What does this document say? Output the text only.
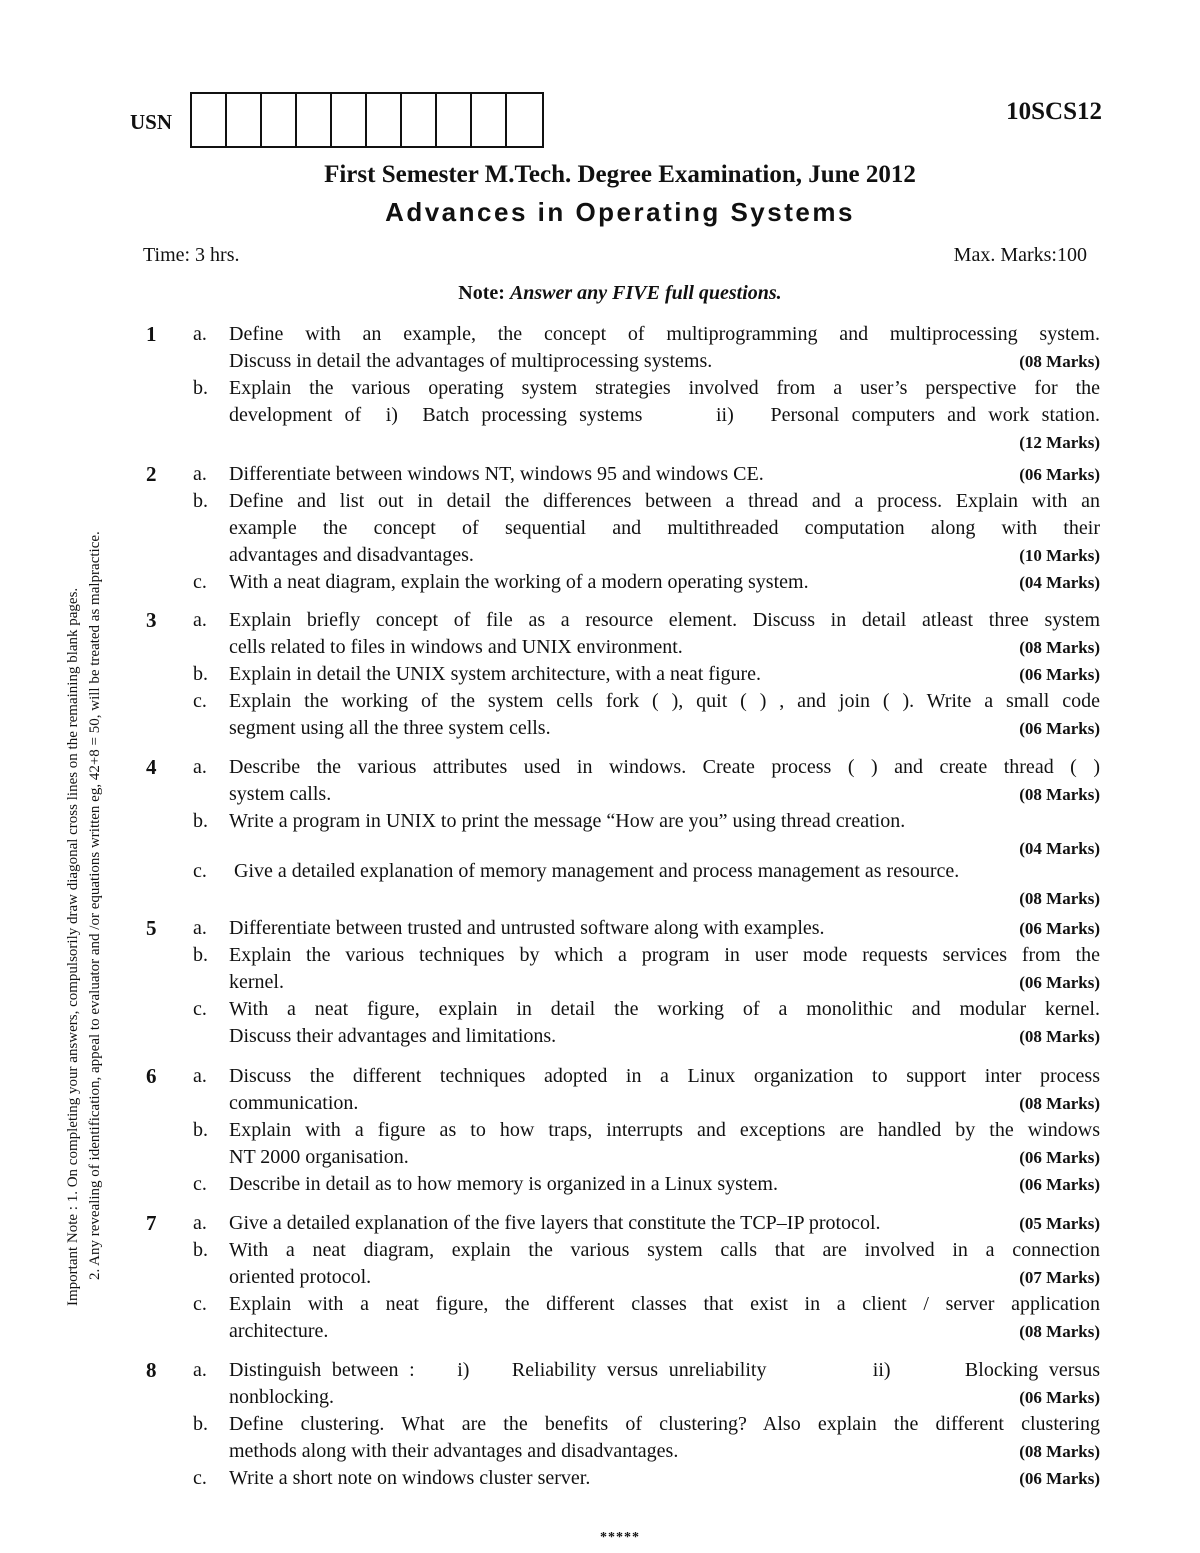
USN	10SCS12
First Semester M.Tech. Degree Examination, June 2012
Advances in Operating Systems
Time: 3 hrs.	Max. Marks:100
Note: Answer any FIVE full questions.
Important Note : 1. On completing your answers, compulsorily draw diagonal cross lines on the remaining blank pages. 2. Any revealing of identification, appeal to evaluator and /or equations written eg, 42+8 = 50, will be treated as malpractice.
1 a. Define with an example, the concept of multiprogramming and multiprocessing system.
Discuss in detail the advantages of multiprocessing systems.	(08 Marks)
b. Explain the various operating system strategies involved from a user’s perspective for the
development of  i)  Batch processing systems      ii)   Personal computers and work station.
(12 Marks)
2 a. Differentiate between windows NT, windows 95 and windows CE.	(06 Marks)
b. Define and list out in detail the differences between a thread and a process. Explain with an
example the concept of sequential and multithreaded computation along with their
advantages and disadvantages.	(10 Marks)
c. With a neat diagram, explain the working of a modern operating system.	(04 Marks)
3 a. Explain briefly concept of file as a resource element. Discuss in detail atleast three system
cells related to files in windows and UNIX environment.	(08 Marks)
b. Explain in detail the UNIX system architecture, with a neat figure.	(06 Marks)
c. Explain the working of the system cells fork ( ), quit ( ) , and join ( ). Write a small code
segment using all the three system cells.	(06 Marks)
4 a. Describe the various attributes used in windows. Create process ( ) and create thread ( )
system calls.	(08 Marks)
b. Write a program in UNIX to print the message “How are you” using thread creation.
(04 Marks)
c. Give a detailed explanation of memory management and process management as resource.
(08 Marks)
5 a. Differentiate between trusted and untrusted software along with examples.	(06 Marks)
b. Explain the various techniques by which a program in user mode requests services from the
kernel.	(06 Marks)
c. With a neat figure, explain in detail the working of a monolithic and modular kernel.
Discuss their advantages and limitations.	(08 Marks)
6 a. Discuss the different techniques adopted in a Linux organization to support inter process
communication.	(08 Marks)
b. Explain with a figure as to how traps, interrupts and exceptions are handled by the windows
NT 2000 organisation.	(06 Marks)
c. Describe in detail as to how memory is organized in a Linux system.	(06 Marks)
7 a. Give a detailed explanation of the five layers that constitute the TCP–IP protocol.	(05 Marks)
b. With a neat diagram, explain the various system calls that are involved in a connection
oriented protocol.	(07 Marks)
c. Explain with a neat figure, the different classes that exist in a client / server application
architecture.	(08 Marks)
8 a. Distinguish between :    i)    Reliability versus unreliability          ii)       Blocking versus
nonblocking.	(06 Marks)
b. Define clustering. What are the benefits of clustering? Also explain the different clustering
methods along with their advantages and disadvantages.	(08 Marks)
c. Write a short note on windows cluster server.	(06 Marks)
*****
